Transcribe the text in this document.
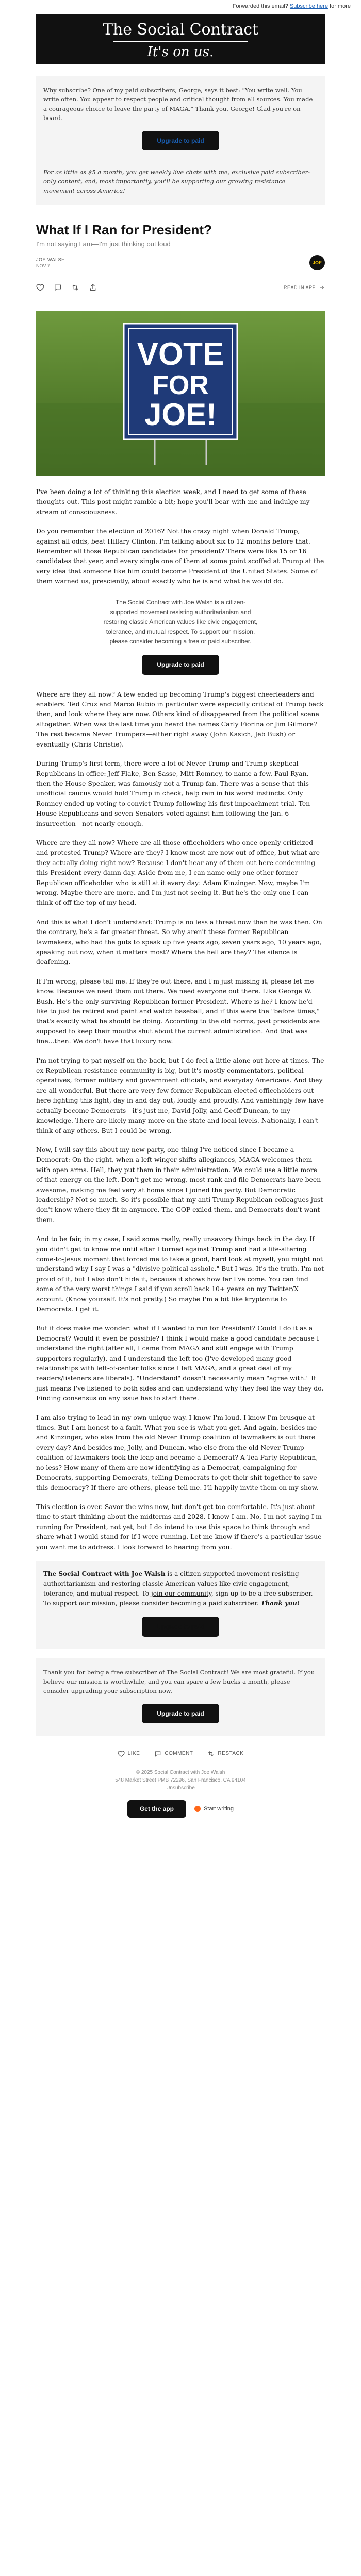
Forwarded this email? Subscribe here for more
The Social Contract
It's on us.
Why subscribe? One of my paid subscribers, George, says it best: "You write well. You write often. You appear to respect people and critical thought from all sources. You made a courageous choice to leave the party of MAGA." Thank you, George! Glad you're on board.
Upgrade to paid
For as little as $5 a month, you get weekly live chats with me, exclusive paid subscriber-only content, and, most importantly, you'll be supporting our growing resistance movement across America!
What If I Ran for President?
I'm not saying I am—I'm just thinking out loud
JOE WALSH
NOV 7
JOE
READ IN APP
VOTE
FOR
JOE!

I've been doing a lot of thinking this election week, and I need to get some of these thoughts out. This post might ramble a bit; hope you'll bear with me and indulge my stream of consciousness.

Do you remember the election of 2016? Not the crazy night when Donald Trump, against all odds, beat Hillary Clinton. I'm talking about six to 12 months before that. Remember all those Republican candidates for president? There were like 15 or 16 candidates that year, and every single one of them at some point scoffed at Trump at the very idea that someone like him could become President of the United States. Some of them warned us, presciently, about exactly who he is and what he would do.

The Social Contract with Joe Walsh is a citizen-supported movement resisting authoritarianism and restoring classic American values like civic engagement, tolerance, and mutual respect. To support our mission, please consider becoming a free or paid subscriber.
Upgrade to paid

Where are they all now? A few ended up becoming Trump's biggest cheerleaders and enablers. Ted Cruz and Marco Rubio in particular were especially critical of Trump back then, and look where they are now. Others kind of disappeared from the political scene altogether. When was the last time you heard the names Carly Fiorina or Jim Gilmore? The rest became Never Trumpers—either right away (John Kasich, Jeb Bush) or eventually (Chris Christie).

During Trump's first term, there were a lot of Never Trump and Trump-skeptical Republicans in office: Jeff Flake, Ben Sasse, Mitt Romney, to name a few. Paul Ryan, then the House Speaker, was famously not a Trump fan. There was a sense that this unofficial caucus would hold Trump in check, help rein in his worst instincts. Only Romney ended up voting to convict Trump following his first impeachment trial. Ten House Republicans and seven Senators voted against him following the Jan. 6 insurrection—not nearly enough.

Where are they all now? Where are all those officeholders who once openly criticized and protested Trump? Where are they? I know most are now out of office, but what are they actually doing right now? Because I don't hear any of them out here condemning this President every damn day. Aside from me, I can name only one other former Republican officeholder who is still at it every day: Adam Kinzinger. Now, maybe I'm wrong. Maybe there are more, and I'm just not seeing it. But he's the only one I can think of off the top of my head.

And this is what I don't understand: Trump is no less a threat now than he was then. On the contrary, he's a far greater threat. So why aren't these former Republican lawmakers, who had the guts to speak up five years ago, seven years ago, 10 years ago, speaking out now, when it matters most? Where the hell are they? The silence is deafening.

If I'm wrong, please tell me. If they're out there, and I'm just missing it, please let me know. Because we need them out there. We need everyone out there. Like George W. Bush. He's the only surviving Republican former President. Where is he? I know he'd like to just be retired and paint and watch baseball, and if this were the "before times," that's exactly what he should be doing. According to the old norms, past presidents are supposed to keep their mouths shut about the current administration. And that was fine...then. We don't have that luxury now.

I'm not trying to pat myself on the back, but I do feel a little alone out here at times. The ex-Republican resistance community is big, but it's mostly commentators, political operatives, former military and government officials, and everyday Americans. And they are all wonderful. But there are very few former Republican elected officeholders out here fighting this fight, day in and day out, loudly and proudly. And vanishingly few have actually become Democrats—it's just me, David Jolly, and Geoff Duncan, to my knowledge. There are likely many more on the state and local levels. Nationally, I can't think of any others. But I could be wrong.

Now, I will say this about my new party, one thing I've noticed since I became a Democrat: On the right, when a left-winger shifts allegiances, MAGA welcomes them with open arms. Hell, they put them in their administration. We could use a little more of that energy on the left. Don't get me wrong, most rank-and-file Democrats have been awesome, making me feel very at home since I joined the party. But Democratic leadership? Not so much. So it's possible that my anti-Trump Republican colleagues just don't know where they fit in anymore. The GOP exiled them, and Democrats don't want them.

And to be fair, in my case, I said some really, really unsavory things back in the day. If you didn't get to know me until after I turned against Trump and had a life-altering come-to-Jesus moment that forced me to take a good, hard look at myself, you might not understand why I say I was a "divisive political asshole." But I was. It's the truth. I'm not proud of it, but I also don't hide it, because it shows how far I've come. You can find some of the very worst things I said if you scroll back 10+ years on my Twitter/X account. (Know yourself. It's not pretty.) So maybe I'm a bit like kryptonite to Democrats. I get it.

But it does make me wonder: what if I wanted to run for President? Could I do it as a Democrat? Would it even be possible? I think I would make a good candidate because I understand the right (after all, I came from MAGA and still engage with Trump supporters regularly), and I understand the left too (I've developed many good relationships with left-of-center folks since I left MAGA, and a great deal of my readers/listeners are liberals). "Understand" doesn't necessarily mean "agree with." It just means I've listened to both sides and can understand why they feel the way they do. Finding consensus on any issue has to start there.

I am also trying to lead in my own unique way. I know I'm loud. I know I'm brusque at times. But I am honest to a fault. What you see is what you get. And again, besides me and Kinzinger, who else from the old Never Trump coalition of lawmakers is out there every day? And besides me, Jolly, and Duncan, who else from the old Never Trump coalition of lawmakers took the leap and became a Democrat? A Tea Party Republican, no less? How many of them are now identifying as a Democrat, campaigning for Democrats, supporting Democrats, telling Democrats to get their shit together to save this democracy? If there are others, please tell me. I'll happily invite them on my show.

This election is over. Savor the wins now, but don't get too comfortable. It's just about time to start thinking about the midterms and 2028. I know I am. No, I'm not saying I'm running for President, not yet, but I do intend to use this space to think through and share what I would stand for if I were running. Let me know if there's a particular issue you want me to address. I look forward to hearing from you.

The Social Contract with Joe Walsh is a citizen-supported movement resisting authoritarianism and restoring classic American values like civic engagement, tolerance, and mutual respect. To join our community, sign up to be a free subscriber. To support our mission, please consider becoming a paid subscriber. Thank you!
Upgrade to paid
Thank you for being a free subscriber of The Social Contract! We are most grateful. If you believe our mission is worthwhile, and you can spare a few bucks a month, please consider upgrading your subscription now.
Upgrade to paid
LIKE	COMMENT	RESTACK
© 2025 Social Contract with Joe Walsh
548 Market Street PMB 72296, San Francisco, CA 94104
Unsubscribe
Get the app	Start writing
